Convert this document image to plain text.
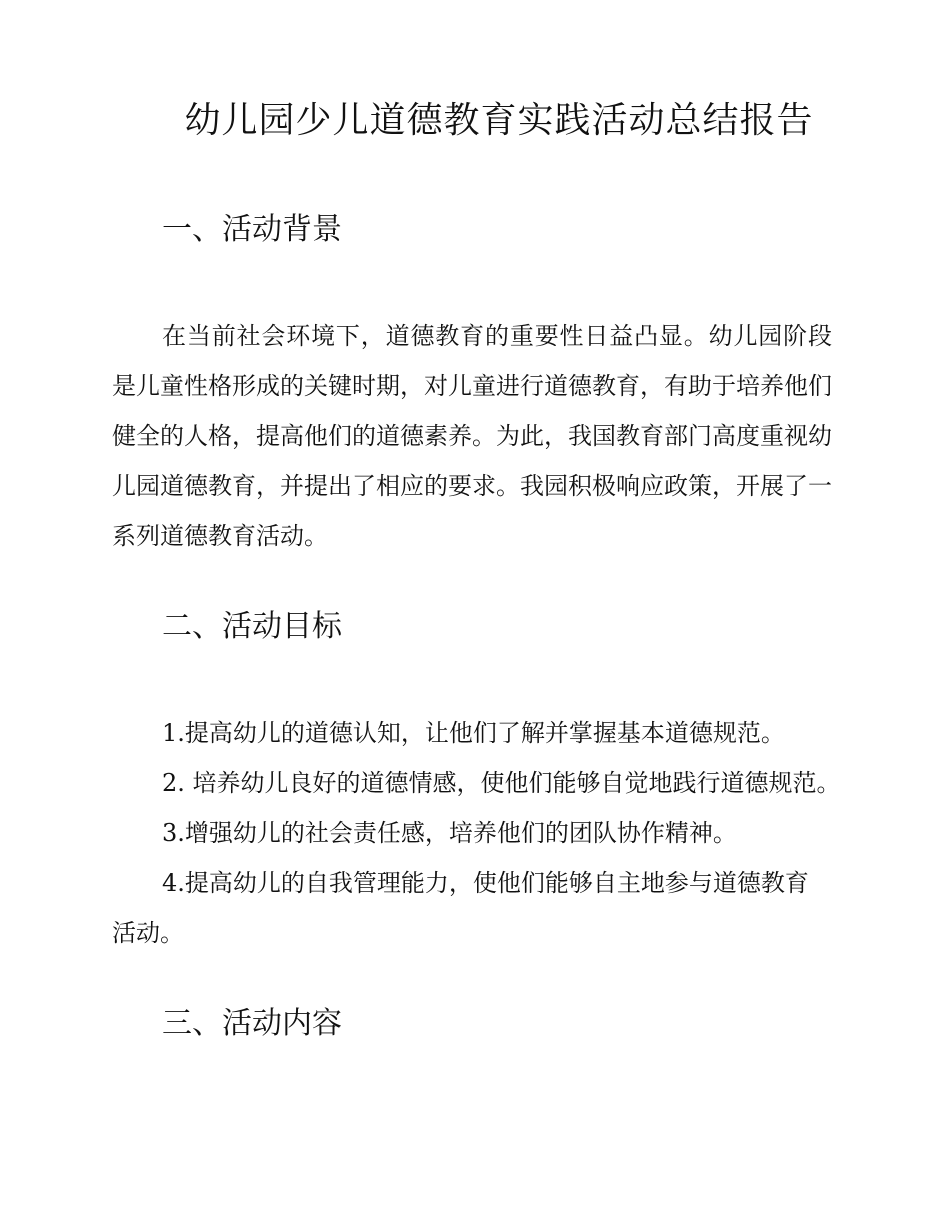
幼儿园少儿道德教育实践活动总结报告
一、活动背景

在当前社会环境下，道德教育的重要性日益凸显。幼儿园阶段是儿童性格形成的关键时期，对儿童进行道德教育，有助于培养他们健全的人格，提高他们的道德素养。为此，我国教育部门高度重视幼儿园道德教育，并提出了相应的要求。我园积极响应政策，开展了一系列道德教育活动。

二、活动目标

1.提高幼儿的道德认知，让他们了解并掌握基本道德规范。

2. 培养幼儿良好的道德情感，使他们能够自觉地践行道德规范。

3.增强幼儿的社会责任感，培养他们的团队协作精神。

4.提高幼儿的自我管理能力，使他们能够自主地参与道德教育活动。

三、活动内容
